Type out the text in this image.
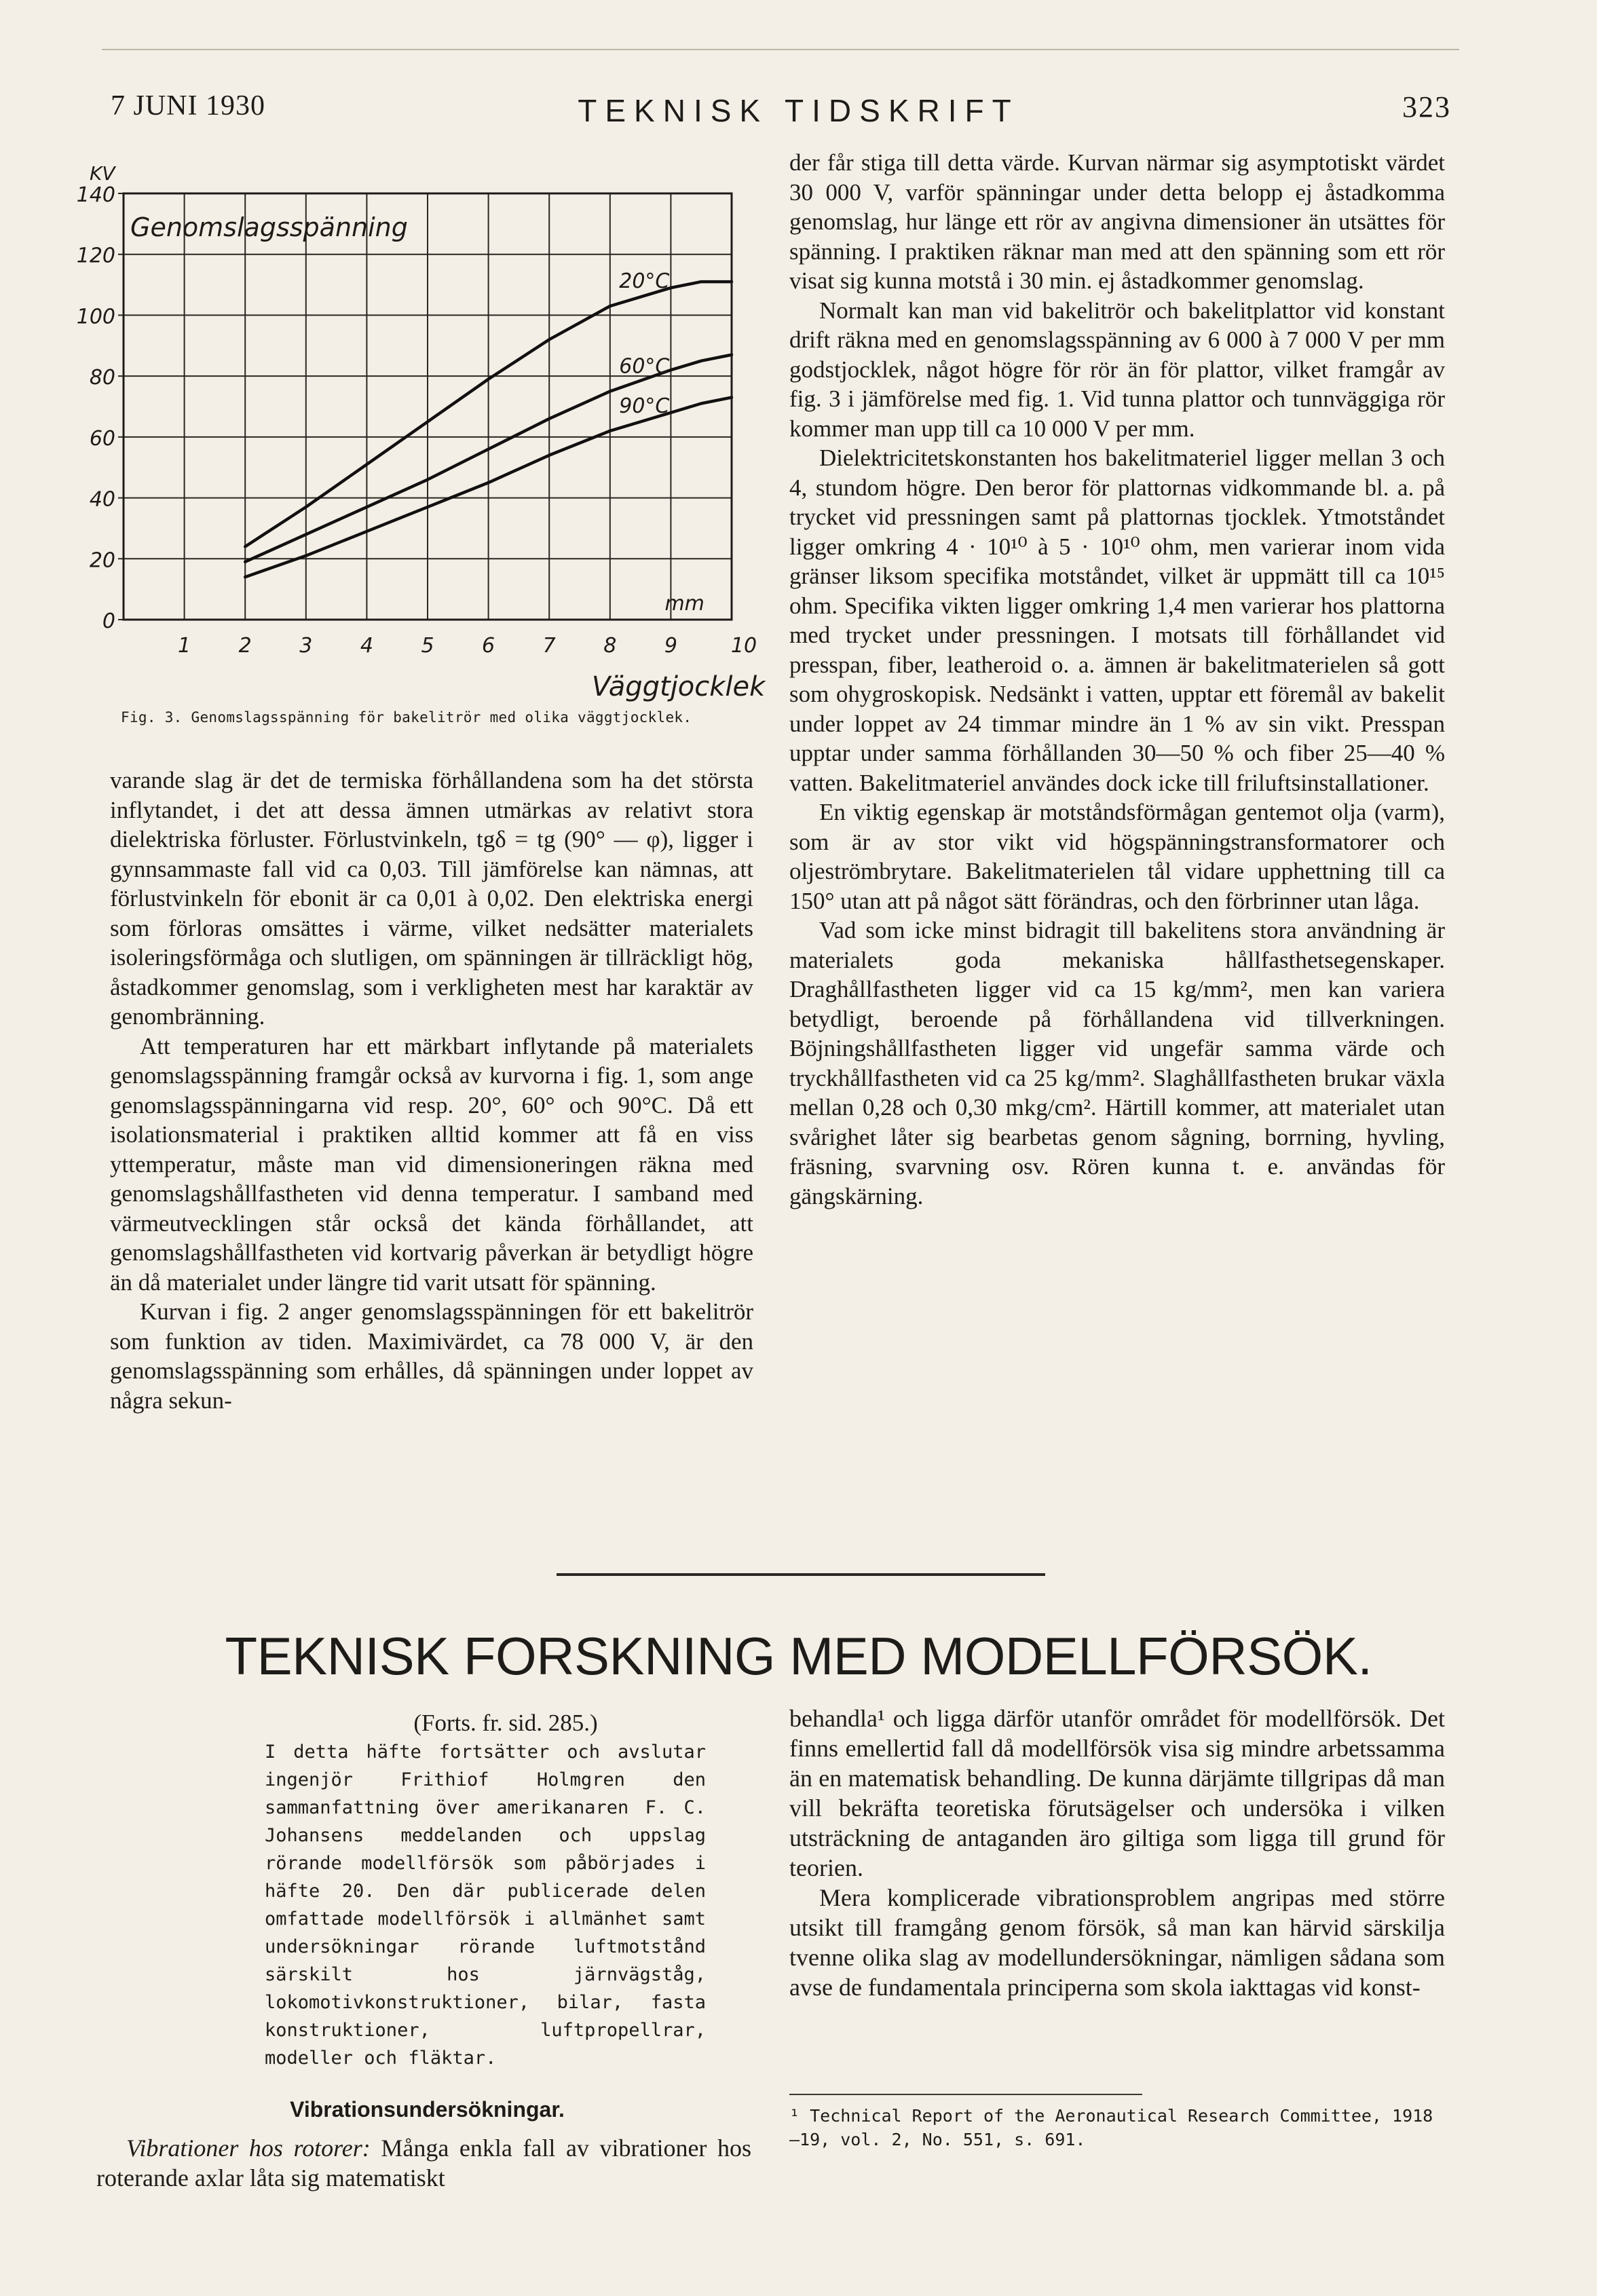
7 JUNI 1930	TEKNISK TIDSKRIFT	323
0
20
40
60
80
100
120
140
1 2 3 4 5 6 7 8 9	10
KV
Väggtjocklek
mm
Genomslagsspänning
20°C
60°C
90°C
Fig. 3. Genomslagsspänning för bakelitrör med olika väggtjocklek.

varande slag är det de termiska förhållandena som ha det största inflytandet, i det att dessa ämnen utmärkas av relativt stora dielektriska förluster. Förlustvinkeln, tgδ = tg (90° — φ), ligger i gynnsammaste fall vid ca 0,03. Till jämförelse kan nämnas, att förlustvinkeln för ebonit är ca 0,01 à 0,02. Den elektriska energi som förloras omsättes i värme, vilket nedsätter materialets isoleringsförmåga och slutligen, om spänningen är tillräckligt hög, åstadkommer genomslag, som i verkligheten mest har karaktär av genombränning.

Att temperaturen har ett märkbart inflytande på materialets genomslagsspänning framgår också av kurvorna i fig. 1, som ange genomslagsspänningarna vid resp. 20°, 60° och 90°C. Då ett isolationsmaterial i praktiken alltid kommer att få en viss yttemperatur, måste man vid dimensioneringen räkna med genomslagshållfastheten vid denna temperatur. I samband med värmeutvecklingen står också det kända förhållandet, att genomslagshållfastheten vid kortvarig påverkan är betydligt högre än då materialet under längre tid varit utsatt för spänning.

Kurvan i fig. 2 anger genomslagsspänningen för ett bakelitrör som funktion av tiden. Maximivärdet, ca 78 000 V, är den genomslagsspänning som erhålles, då spänningen under loppet av några sekun-

der får stiga till detta värde. Kurvan närmar sig asymptotiskt värdet 30 000 V, varför spänningar under detta belopp ej åstadkomma genomslag, hur länge ett rör av angivna dimensioner än utsättes för spänning. I praktiken räknar man med att den spänning som ett rör visat sig kunna motstå i 30 min. ej åstadkommer genomslag.

Normalt kan man vid bakelitrör och bakelitplattor vid konstant drift räkna med en genomslagsspänning av 6 000 à 7 000 V per mm godstjocklek, något högre för rör än för plattor, vilket framgår av fig. 3 i jämförelse med fig. 1. Vid tunna plattor och tunnväggiga rör kommer man upp till ca 10 000 V per mm.

Dielektricitetskonstanten hos bakelitmateriel ligger mellan 3 och 4, stundom högre. Den beror för plattornas vidkommande bl. a. på trycket vid pressningen samt på plattornas tjocklek. Ytmotståndet ligger omkring 4 · 10¹⁰ à 5 · 10¹⁰ ohm, men varierar inom vida gränser liksom specifika motståndet, vilket är uppmätt till ca 10¹⁵ ohm. Specifika vikten ligger omkring 1,4 men varierar hos plattorna med trycket under pressningen. I motsats till förhållandet vid presspan, fiber, leatheroid o. a. ämnen är bakelitmaterielen så gott som ohygroskopisk. Nedsänkt i vatten, upptar ett föremål av bakelit under loppet av 24 timmar mindre än 1 % av sin vikt. Presspan upptar under samma förhållanden 30—50 % och fiber 25—40 % vatten. Bakelitmateriel användes dock icke till friluftsinstallationer.

En viktig egenskap är motståndsförmågan gentemot olja (varm), som är av stor vikt vid högspänningstransformatorer och oljeströmbrytare. Bakelitmaterielen tål vidare upphettning till ca 150° utan att på något sätt förändras, och den förbrinner utan låga.

Vad som icke minst bidragit till bakelitens stora användning är materialets goda mekaniska hållfasthetsegenskaper. Draghållfastheten ligger vid ca 15 kg/mm², men kan variera betydligt, beroende på förhållandena vid tillverkningen. Böjningshållfastheten ligger vid ungefär samma värde och tryckhållfastheten vid ca 25 kg/mm². Slaghållfastheten brukar växla mellan 0,28 och 0,30 mkg/cm². Härtill kommer, att materialet utan svårighet låter sig bearbetas genom sågning, borrning, hyvling, fräsning, svarvning osv. Rören kunna t. e. användas för gängskärning.

TEKNISK FORSKNING MED MODELLFÖRSÖK.
(Forts. fr. sid. 285.)
I detta häfte fortsätter och avslutar ingenjör Frithiof Holmgren den sammanfattning över amerikanaren F. C. Johansens meddelanden och uppslag rörande modellförsök som påbörjades i häfte 20. Den där publicerade delen omfattade modellförsök i allmänhet samt undersökningar rörande luftmotstånd särskilt hos järnvägståg, lokomotivkonstruktioner, bilar, fasta konstruktioner, luftpropellrar, modeller och fläktar.
Vibrationsundersökningar.
Vibrationer hos rotorer: Många enkla fall av vibrationer hos roterande axlar låta sig matematiskt

behandla¹ och ligga därför utanför området för modellförsök. Det finns emellertid fall då modellförsök visa sig mindre arbetssamma än en matematisk behandling. De kunna därjämte tillgripas då man vill bekräfta teoretiska förutsägelser och undersöka i vilken utsträckning de antaganden äro giltiga som ligga till grund för teorien.

Mera komplicerade vibrationsproblem angripas med större utsikt till framgång genom försök, så man kan härvid särskilja tvenne olika slag av modellundersökningar, nämligen sådana som avse de fundamentala principerna som skola iakttagas vid konst-

¹ Technical Report of the Aeronautical Research Committee, 1918—19, vol. 2, No. 551, s. 691.
